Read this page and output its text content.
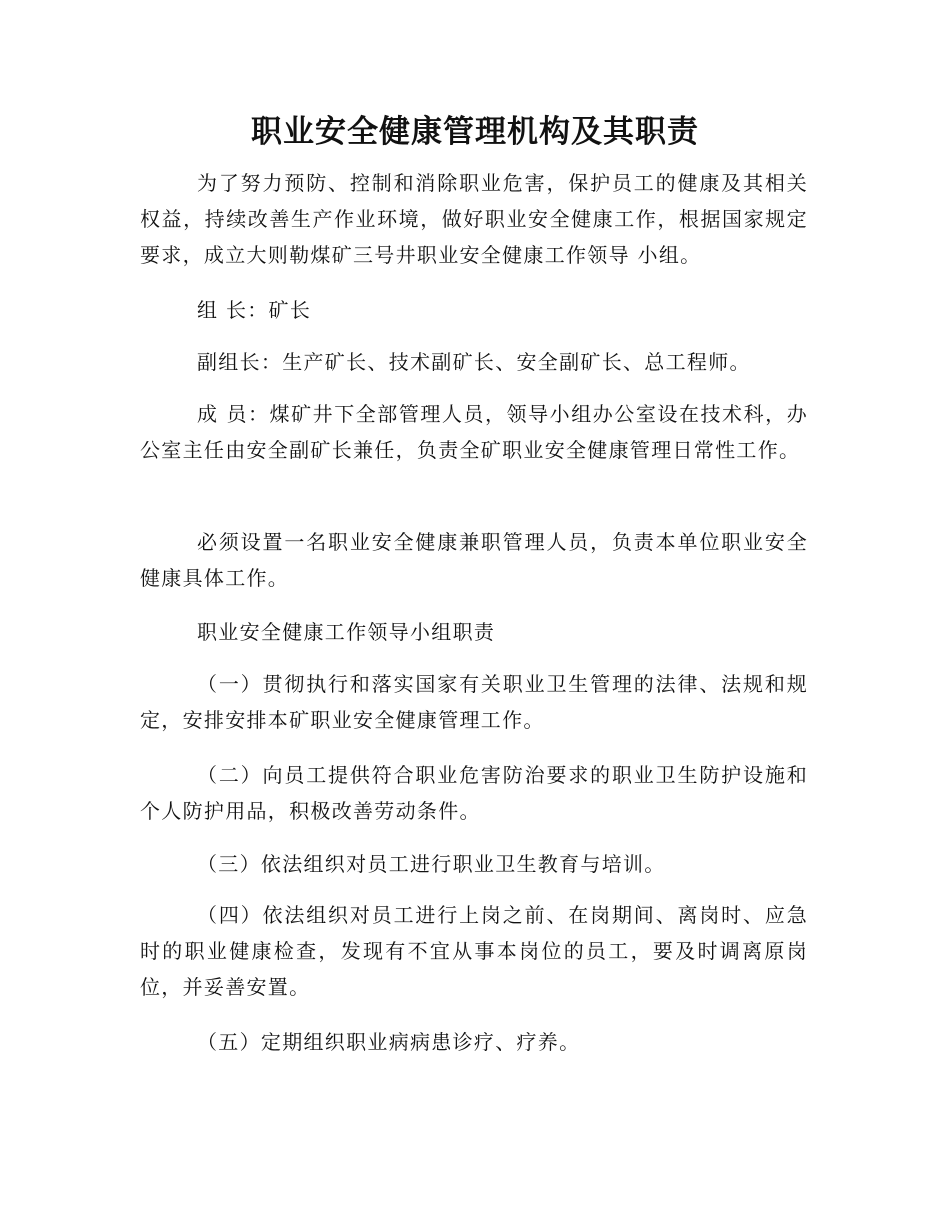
职业安全健康管理机构及其职责

为了努力预防、控制和消除职业危害，保护员工的健康及其相关权益，持续改善生产作业环境，做好职业安全健康工作，根据国家规定要求，成立大则勒煤矿三号井职业安全健康工作领导 小组。

组 长：矿长

副组长：生产矿长、技术副矿长、安全副矿长、总工程师。

成 员：煤矿井下全部管理人员，领导小组办公室设在技术科，办公室主任由安全副矿长兼任，负责全矿职业安全健康管理日常性工作。

必须设置一名职业安全健康兼职管理人员，负责本单位职业安全健康具体工作。

职业安全健康工作领导小组职责

（一）贯彻执行和落实国家有关职业卫生管理的法律、法规和规定，安排安排本矿职业安全健康管理工作。

（二）向员工提供符合职业危害防治要求的职业卫生防护设施和个人防护用品，积极改善劳动条件。

（三）依法组织对员工进行职业卫生教育与培训。

（四）依法组织对员工进行上岗之前、在岗期间、离岗时、应急时的职业健康检查，发现有不宜从事本岗位的员工，要及时调离原岗位，并妥善安置。

（五）定期组织职业病病患诊疗、疗养。
